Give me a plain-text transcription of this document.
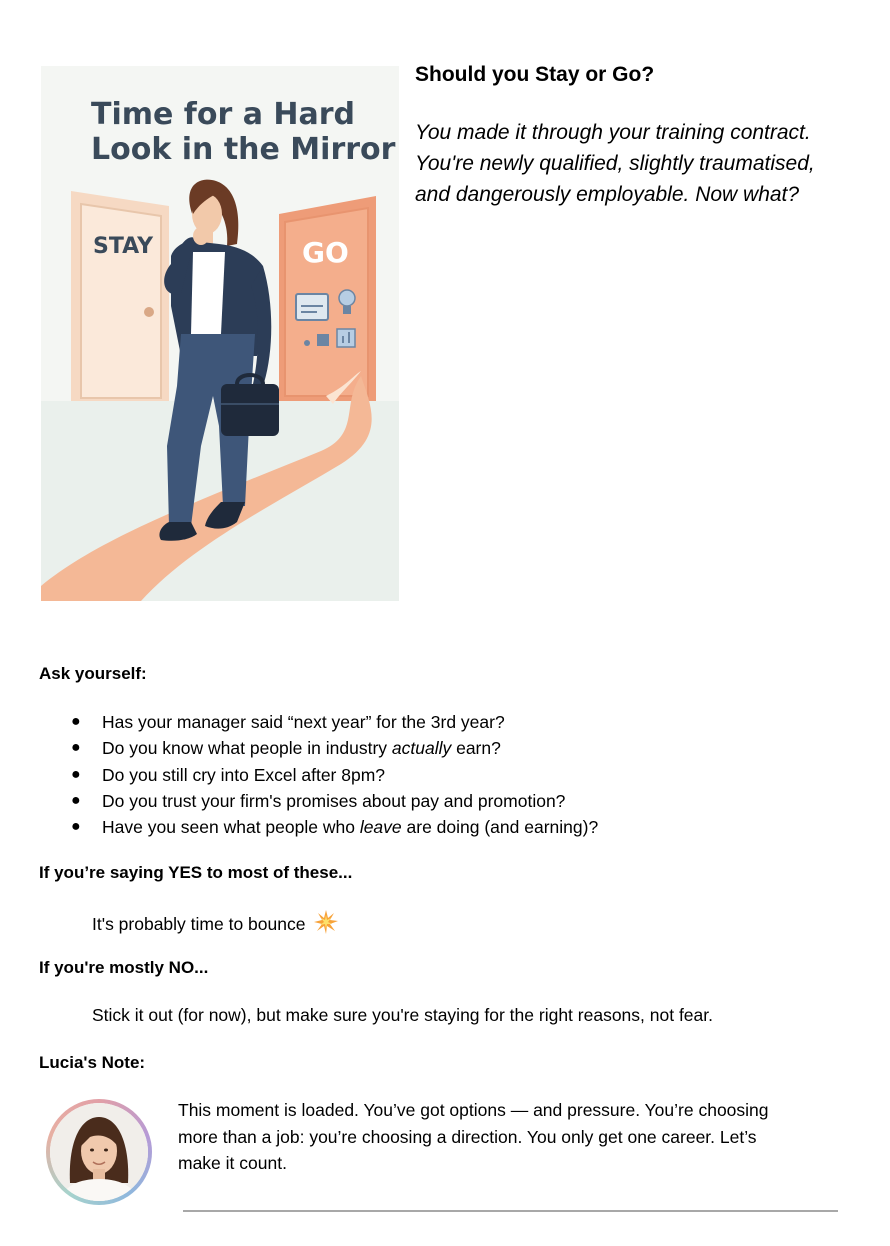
Time for a Hard
Look in the Mirror
STAY	GO
Should you Stay or Go?
You made it through your training contract. You're newly qualified, slightly traumatised, and dangerously employable. Now what?
Ask yourself:
● Has your manager said “next year” for the 3rd year?
● Do you know what people in industry actually earn?
● Do you still cry into Excel after 8pm?
● Do you trust your firm's promises about pay and promotion?
● Have you seen what people who leave are doing (and earning)?
If you’re saying YES to most of these...
It's probably time to bounce
If you're mostly NO...
Stick it out (for now), but make sure you're staying for the right reasons, not fear.
Lucia's Note:
This moment is loaded. You’ve got options — and pressure. You’re choosing more than a job: you’re choosing a direction. You only get one career. Let’s make it count.
